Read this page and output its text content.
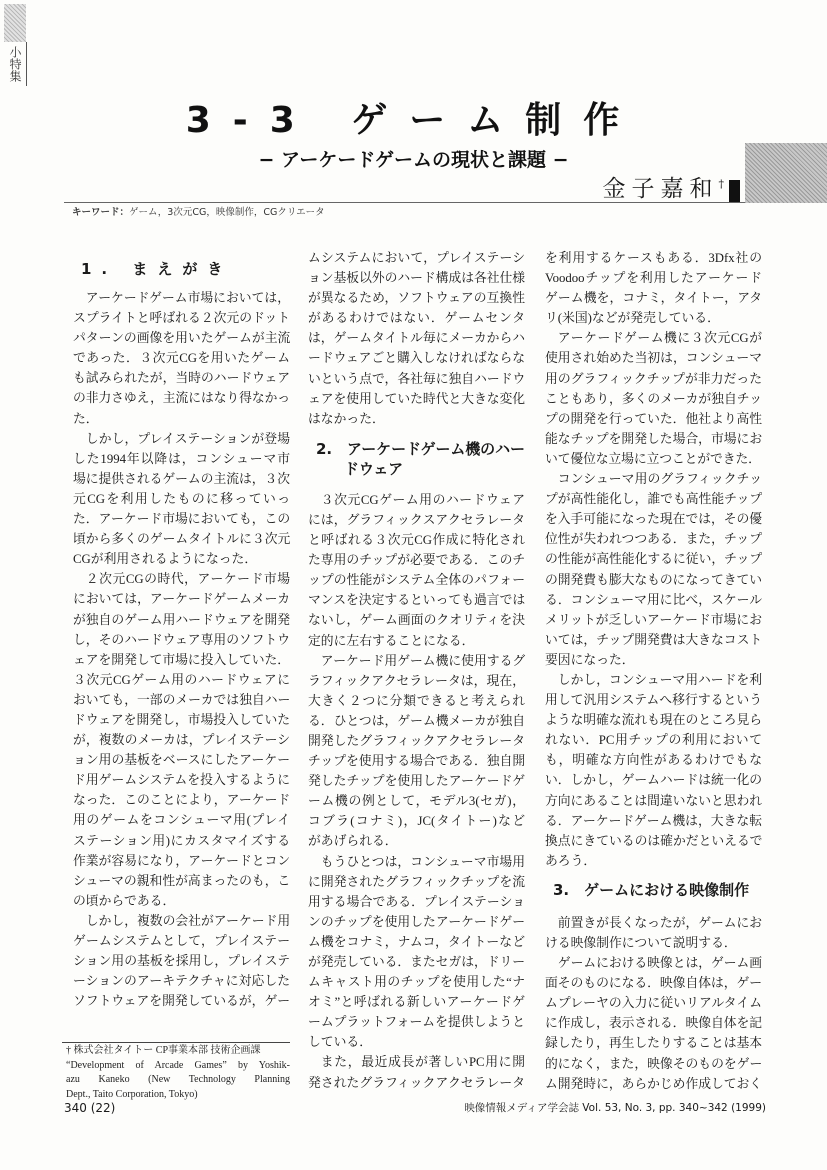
小特集
3-3 ゲーム制作
− アーケードゲームの現状と課題 −
金子嘉和†
キーワード：ゲーム，3次元CG，映像制作，CGクリエータ
1. まえがき
アーケードゲーム市場においては，
スプライトと呼ばれる２次元のドット
パターンの画像を用いたゲームが主流
であった．３次元CGを用いたゲーム
も試みられたが，当時のハードウェア
の非力さゆえ，主流にはなり得なかっ
た．
しかし，プレイステーションが登場
した1994年以降は，コンシューマ市
場に提供されるゲームの主流は，３次
元CGを利用したものに移っていっ
た．アーケード市場においても，この
頃から多くのゲームタイトルに３次元
CGが利用されるようになった．
２次元CGの時代，アーケード市場
においては，アーケードゲームメーカ
が独自のゲーム用ハードウェアを開発
し，そのハードウェア専用のソフトウ
ェアを開発して市場に投入していた．
３次元CGゲーム用のハードウェアに
おいても，一部のメーカでは独自ハー
ドウェアを開発し，市場投入していた
が，複数のメーカは，プレイステーシ
ョン用の基板をベースにしたアーケー
ド用ゲームシステムを投入するように
なった．このことにより，アーケード
用のゲームをコンシューマ用(プレイ
ステーション用)にカスタマイズする
作業が容易になり，アーケードとコン
シューマの親和性が高まったのも，こ
の頃からである．
しかし，複数の会社がアーケード用
ゲームシステムとして，プレイステー
ション用の基板を採用し，プレイステ
ーションのアーキテクチャに対応した
ソフトウェアを開発しているが，ゲー
ムシステムにおいて，プレイステーシ
ョン基板以外のハード構成は各社仕様
が異なるため，ソフトウェアの互換性
があるわけではない．ゲームセンタ
は，ゲームタイトル毎にメーカからハ
ードウェアごと購入しなければならな
いという点で，各社毎に独自ハードウ
ェアを使用していた時代と大きな変化
はなかった．
2.　アーケードゲーム機のハー
ドウェア
３次元CGゲーム用のハードウェア
には，グラフィックスアクセラレータ
と呼ばれる３次元CG作成に特化され
た専用のチップが必要である．このチ
ップの性能がシステム全体のパフォー
マンスを決定するといっても過言では
ないし，ゲーム画面のクオリティを決
定的に左右することになる．
アーケード用ゲーム機に使用するグ
ラフィックアクセラレータは，現在，
大きく２つに分類できると考えられ
る．ひとつは，ゲーム機メーカが独自
開発したグラフィックアクセラレータ
チップを使用する場合である．独自開
発したチップを使用したアーケードゲ
ーム機の例として，モデル3(セガ)，
コブラ(コナミ)，JC(タイトー)など
があげられる．
もうひとつは，コンシューマ市場用
に開発されたグラフィックチップを流
用する場合である．プレイステーショ
ンのチップを使用したアーケードゲー
ム機をコナミ，ナムコ，タイトーなど
が発売している．またセガは，ドリー
ムキャスト用のチップを使用した“ナ
オミ”と呼ばれる新しいアーケードゲ
ームプラットフォームを提供しようと
している．
また，最近成長が著しいPC用に開
発されたグラフィックアクセラレータ
を利用するケースもある．3Dfx社の
Voodooチップを利用したアーケード
ゲーム機を，コナミ，タイトー，アタ
リ(米国)などが発売している．
アーケードゲーム機に３次元CGが
使用され始めた当初は，コンシューマ
用のグラフィックチップが非力だった
こともあり，多くのメーカが独自チッ
プの開発を行っていた．他社より高性
能なチップを開発した場合，市場にお
いて優位な立場に立つことができた．
コンシューマ用のグラフィックチッ
プが高性能化し，誰でも高性能チップ
を入手可能になった現在では，その優
位性が失われつつある．また，チップ
の性能が高性能化するに従い，チップ
の開発費も膨大なものになってきてい
る．コンシューマ用に比べ，スケール
メリットが乏しいアーケード市場にお
いては，チップ開発費は大きなコスト
要因になった．
しかし，コンシューマ用ハードを利
用して汎用システムへ移行するという
ような明確な流れも現在のところ見ら
れない．PC用チップの利用において
も，明確な方向性があるわけでもな
い．しかし，ゲームハードは統一化の
方向にあることは間違いないと思われ
る．アーケードゲーム機は，大きな転
換点にきているのは確かだといえるで
あろう．
3.　ゲームにおける映像制作
前置きが長くなったが，ゲームにお
ける映像制作について説明する．
ゲームにおける映像とは，ゲーム画
面そのものになる．映像自体は，ゲー
ムプレーヤの入力に従いリアルタイム
に作成し，表示される．映像自体を記
録したり，再生したりすることは基本
的になく，また，映像そのものをゲー
ム開発時に，あらかじめ作成しておく
† 株式会社タイトー CP事業本部 技術企画課
“Development of Arcade Games” by Yoshik-
azu Kaneko (New Technology Planning
Dept., Taito Corporation, Tokyo)
340 (22)	映像情報メディア学会誌 Vol. 53, No. 3, pp. 340~342 (1999)
